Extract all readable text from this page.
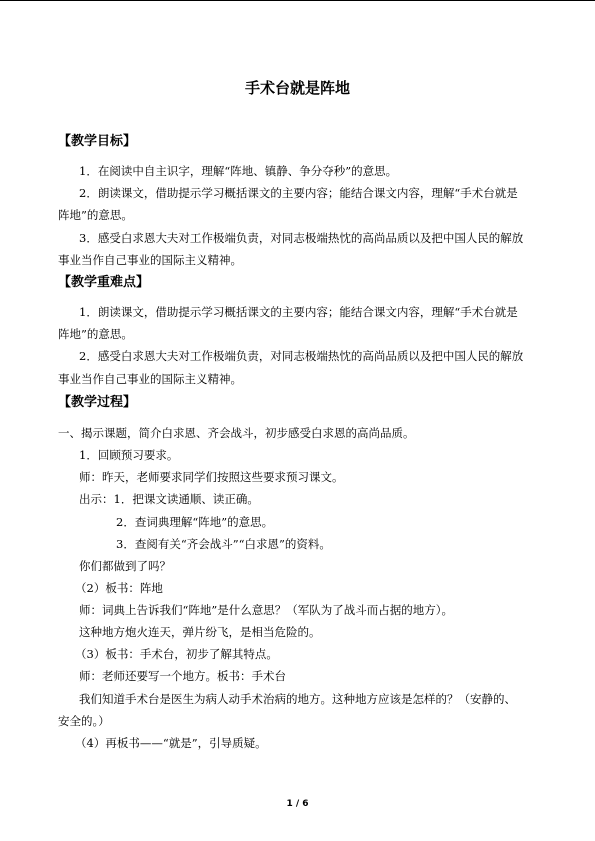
手术台就是阵地
【教学目标】
1．在阅读中自主识字，理解“阵地、镇静、争分夺秒”的意思。
2．朗读课文，借助提示学习概括课文的主要内容；能结合课文内容，理解“手术台就是
阵地”的意思。
3．感受白求恩大夫对工作极端负责，对同志极端热忱的高尚品质以及把中国人民的解放
事业当作自己事业的国际主义精神。
【教学重难点】
1．朗读课文，借助提示学习概括课文的主要内容；能结合课文内容，理解“手术台就是
阵地”的意思。
2．感受白求恩大夫对工作极端负责，对同志极端热忱的高尚品质以及把中国人民的解放
事业当作自己事业的国际主义精神。
【教学过程】
一、揭示课题，简介白求恩、齐会战斗，初步感受白求恩的高尚品质。
1．回顾预习要求。
师：昨天，老师要求同学们按照这些要求预习课文。
出示：1．把课文读通顺、读正确。
2．查词典理解“阵地”的意思。
3．查阅有关“齐会战斗”“白求恩”的资料。
你们都做到了吗？
（2）板书：阵地
师：词典上告诉我们“阵地”是什么意思？（军队为了战斗而占据的地方）。
这种地方炮火连天，弹片纷飞，是相当危险的。
（3）板书：手术台，初步了解其特点。
师：老师还要写一个地方。板书：手术台
我们知道手术台是医生为病人动手术治病的地方。这种地方应该是怎样的？（安静的、
安全的。）
（4）再板书——“就是”，引导质疑。
1 / 6
